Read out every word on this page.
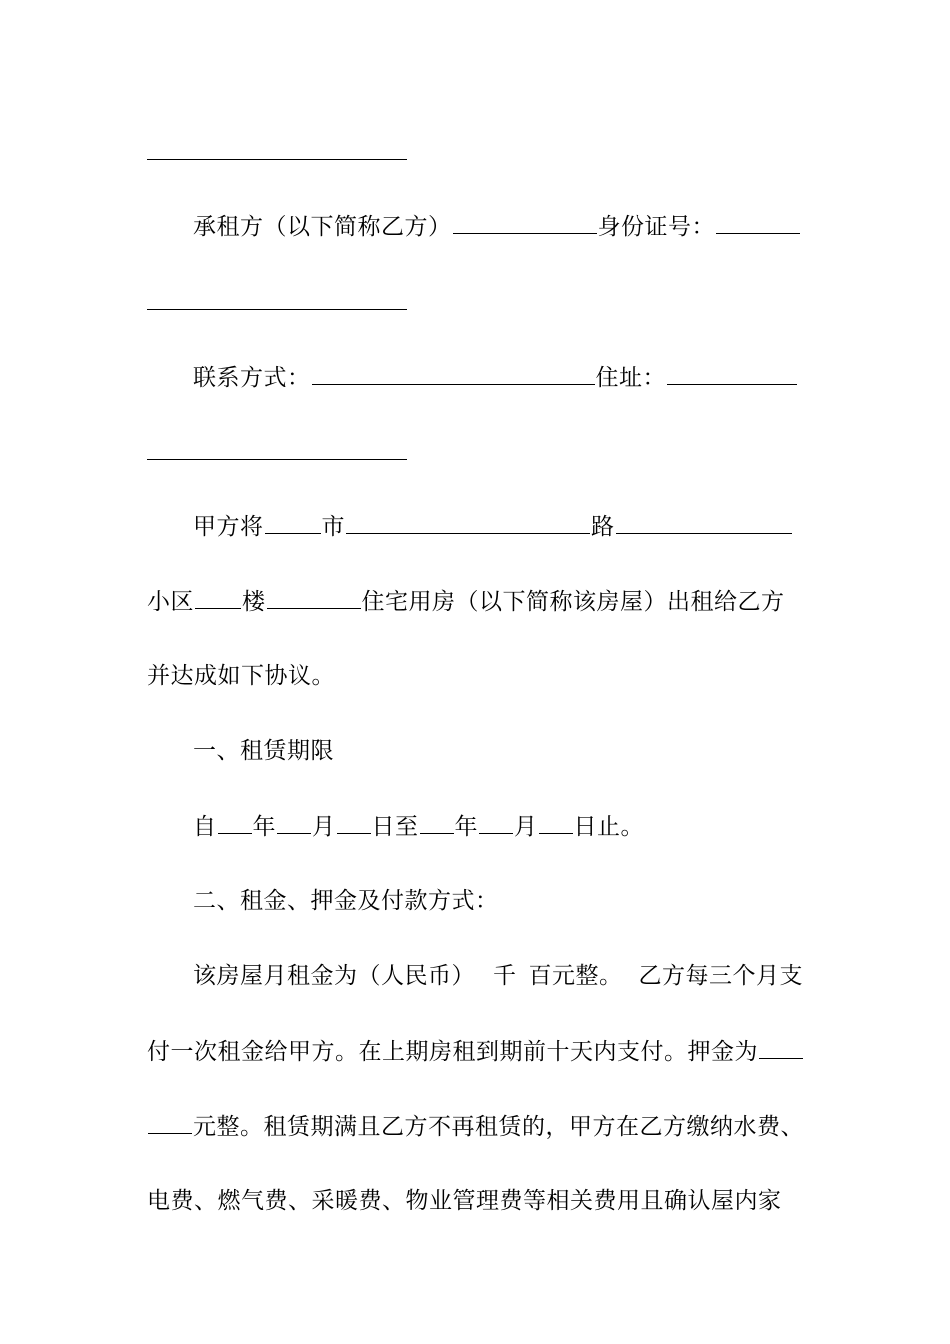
承租方（以下简称乙方）	身份证号：
联系方式：	住址：
甲方将	市	路
小区 楼	住宅用房（以下简称该房屋）出租给乙方
并达成如下协议。
一、租赁期限
自 年 月 日至 年 月 日止。
二、租金、押金及付款方式：
该房屋月租金为（人民币） 千 百元整。 乙方每三个月支
付一次租金给甲方。在上期房租到期前十天内支付。押金为
元整。租赁期满且乙方不再租赁的，甲方在乙方缴纳水费、
电费、燃气费、采暖费、物业管理费等相关费用且确认屋内家
